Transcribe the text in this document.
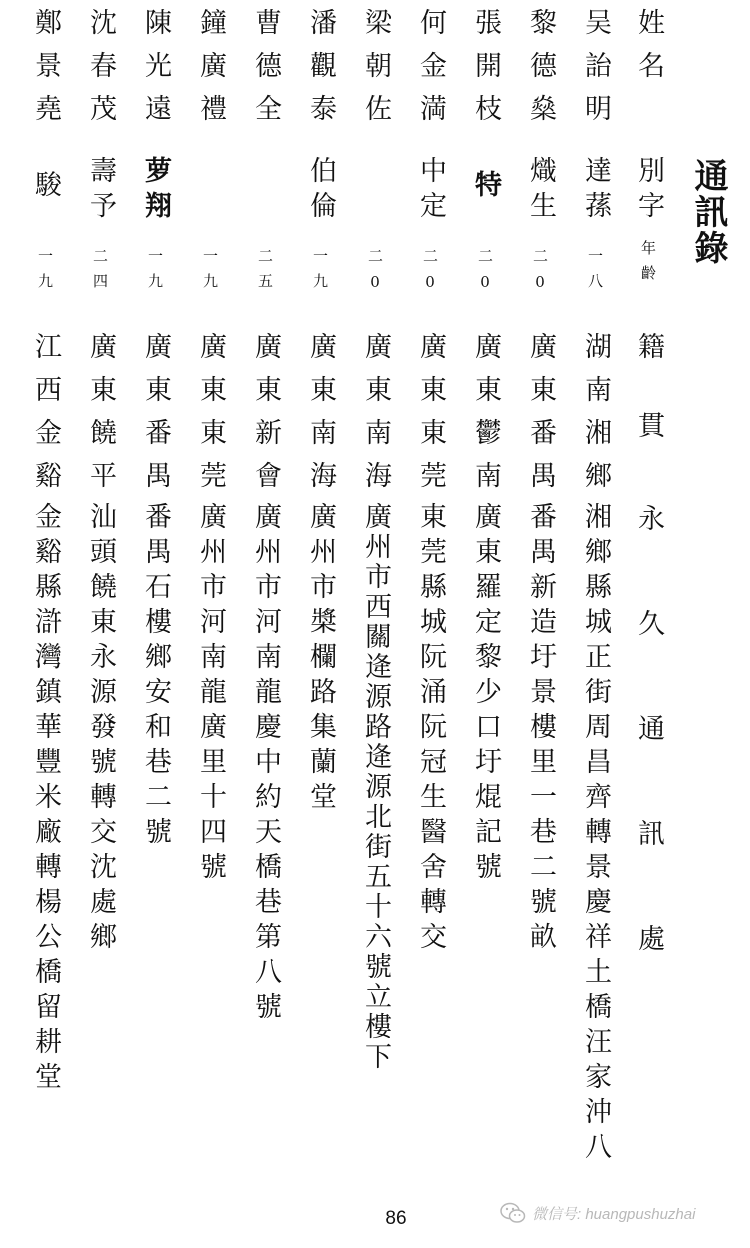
通訊錄
姓名
別字
年齡
籍貫
永久通訊處
吴詒明
達蓀
一八
湖南湘鄉
湘鄉縣城正街周昌齊轉景慶祥土橋汪家沖八
黎德燊
熾生
二0
廣東番禺
番禺新造圩景樓里一巷二號畝
張開枝
特
二0
廣東鬱南
廣東羅定黎少口圩焜記號
何金満
中定
二0
廣東東莞
東莞縣城阮涌阮冠生醫舍轉交
梁朝佐
二0
廣東南海
廣州市西關逄源路逄源北街五十六號立樓下
潘觀泰
伯倫
一九
廣東南海
廣州市槳欄路集蘭堂
曹德全
二五
廣東新會
廣州市河南龍慶中約天橋巷第八號
鐘廣禮
一九
廣東東莞
廣州市河南龍廣里十四號
陳光遠
萝翔
一九
廣東番禺
番禺石樓鄉安和巷二號
沈春茂
壽予
二四
廣東饒平
汕頭饒東永源發號轉交沈處鄉
鄭景堯
駿
一九
江西金谿
金谿縣滸灣鎮華豐米廠轉楊公橋留耕堂
86	微信号: huangpushuzhai
